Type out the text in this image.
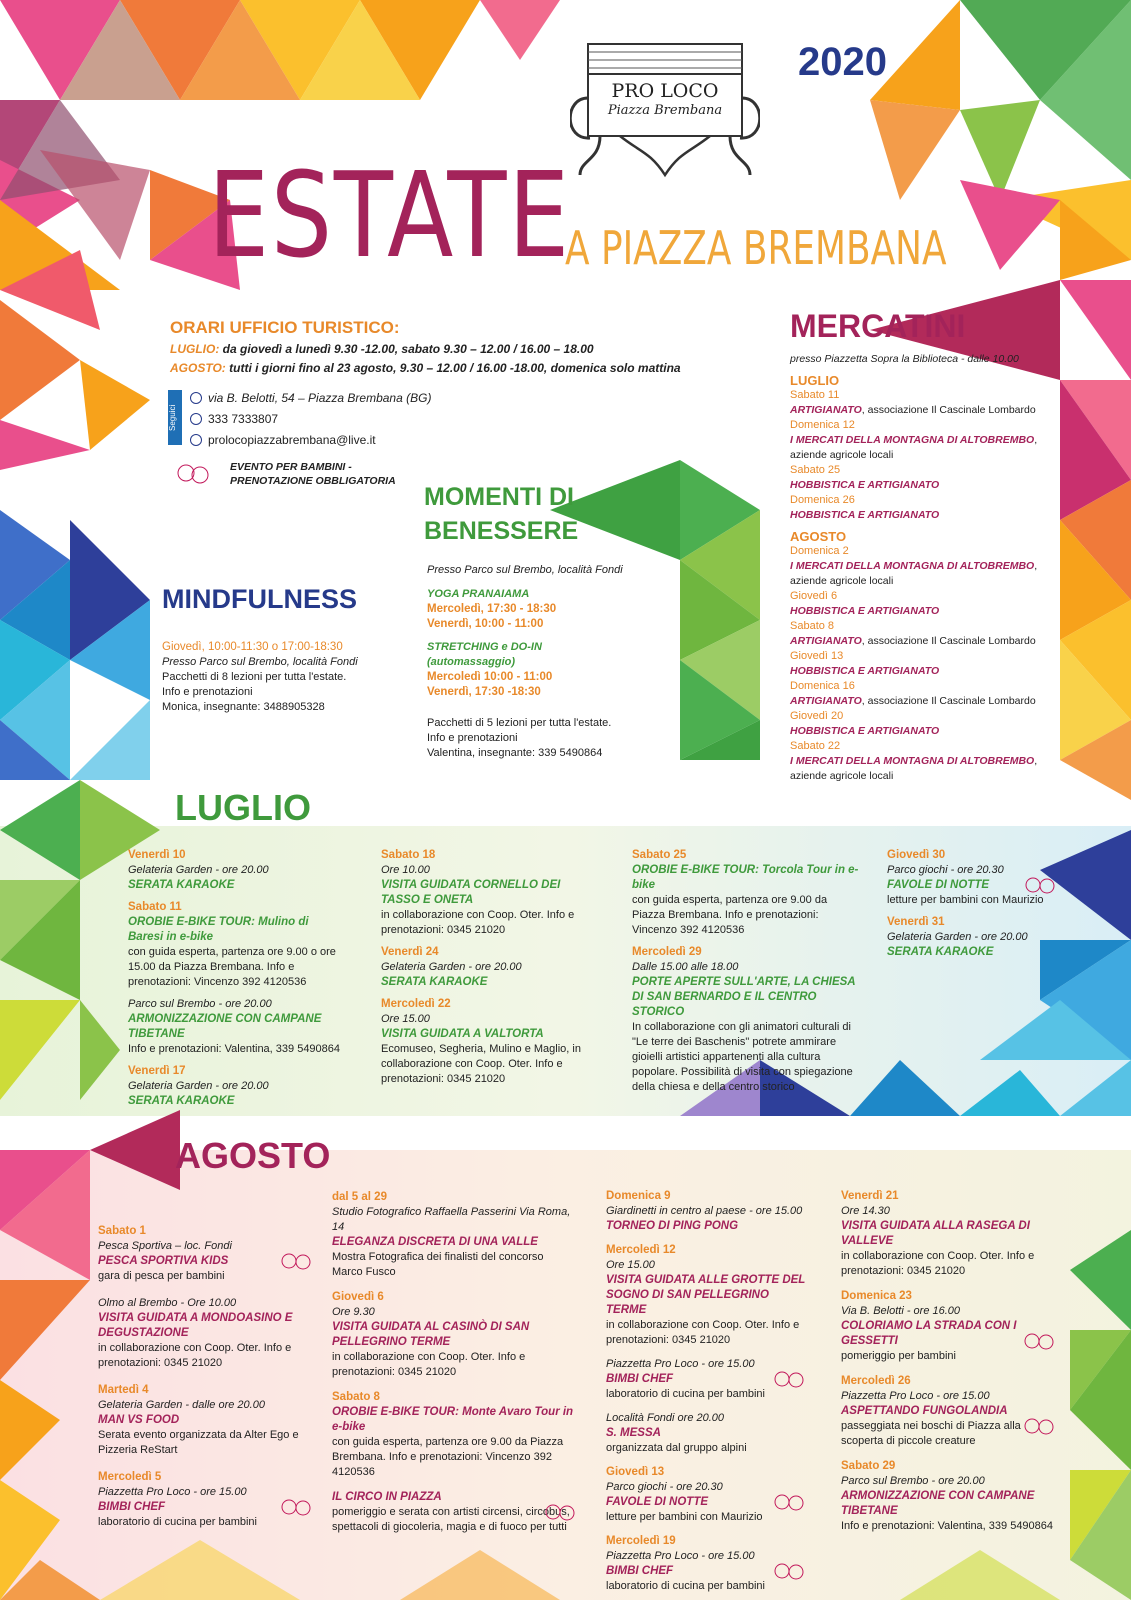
2020
PRO LOCO
Piazza Brembana
ESTATE
A PIAZZA BREMBANA
ORARI UFFICIO TURISTICO:
LUGLIO: da giovedì a lunedì 9.30 -12.00, sabato 9.30 – 12.00 / 16.00 – 18.00
AGOSTO: tutti i giorni fino al 23 agosto, 9.30 – 12.00 / 16.00 -18.00, domenica solo mattina
Seguici
via B. Belotti, 54 – Piazza Brembana (BG)
333 7333807
prolocopiazzabrembana@live.it
EVENTO PER BAMBINI -
PRENOTAZIONE OBBLIGATORIA
MINDFULNESS
Giovedì, 10:00-11:30 o 17:00-18:30
Presso Parco sul Brembo, località Fondi
Pacchetti di 8 lezioni per tutta l'estate.
Info e prenotazioni
Monica, insegnante: 3488905328
MOMENTI DI
BENESSERE
Presso Parco sul Brembo, località Fondi
YOGA PRANAIAMA
Mercoledì, 17:30 - 18:30
Venerdì, 10:00 - 11:00
STRETCHING e DO-IN
(automassaggio)
Mercoledì 10:00 - 11:00
Venerdì, 17:30 -18:30
Pacchetti di 5 lezioni per tutta l'estate.
Info e prenotazioni
Valentina, insegnante: 339 5490864
MERCATINI
presso Piazzetta Sopra la Biblioteca - dalle 10.00
LUGLIO
Sabato 11
ARTIGIANATO, associazione Il Cascinale Lombardo
Domenica 12
I MERCATI DELLA MONTAGNA DI ALTOBREMBO,
aziende agricole locali
Sabato 25
HOBBISTICA E ARTIGIANATO
Domenica 26
HOBBISTICA E ARTIGIANATO
AGOSTO
Domenica 2
I MERCATI DELLA MONTAGNA DI ALTOBREMBO,
aziende agricole locali
Giovedì 6
HOBBISTICA E ARTIGIANATO
Sabato 8
ARTIGIANATO, associazione Il Cascinale Lombardo
Giovedì 13
HOBBISTICA E ARTIGIANATO
Domenica 16
ARTIGIANATO, associazione Il Cascinale Lombardo
Giovedì 20
HOBBISTICA E ARTIGIANATO
Sabato 22
I MERCATI DELLA MONTAGNA DI ALTOBREMBO,
aziende agricole locali
LUGLIO
Venerdì 10
Gelateria Garden - ore 20.00
SERATA KARAOKE
Sabato 11
OROBIE E-BIKE TOUR: Mulino di Baresi in e-bike
con guida esperta, partenza ore 9.00 o ore 15.00 da Piazza Brembana. Info e prenotazioni: Vincenzo 392 4120536
Parco sul Brembo - ore 20.00
ARMONIZZAZIONE CON CAMPANE TIBETANE
Info e prenotazioni: Valentina, 339 5490864
Venerdì 17
Gelateria Garden - ore 20.00
SERATA KARAOKE
Sabato 18
Ore 10.00
VISITA GUIDATA CORNELLO DEI TASSO E ONETA
in collaborazione con Coop. Oter. Info e prenotazioni: 0345 21020
Venerdì 24
Gelateria Garden - ore 20.00
SERATA KARAOKE
Mercoledì 22
Ore 15.00
VISITA GUIDATA A VALTORTA
Ecomuseo, Segheria, Mulino e Maglio, in collaborazione con Coop. Oter. Info e prenotazioni: 0345 21020
Sabato 25
OROBIE E-BIKE TOUR: Torcola Tour in e-bike
con guida esperta, partenza ore 9.00 da Piazza Brembana. Info e prenotazioni: Vincenzo 392 4120536
Mercoledì 29
Dalle 15.00 alle 18.00
PORTE APERTE SULL'ARTE, LA CHIESA DI SAN BERNARDO E IL CENTRO STORICO
In collaborazione con gli animatori culturali di "Le terre dei Baschenis" potrete ammirare gioielli artistici appartenenti alla cultura popolare. Possibilità di visita con spiegazione della chiesa e della centro storico
Giovedì 30
Parco giochi - ore 20.30
FAVOLE DI NOTTE
letture per bambini con Maurizio
Venerdì 31
Gelateria Garden - ore 20.00
SERATA KARAOKE
AGOSTO
Sabato 1
Pesca Sportiva – loc. Fondi
PESCA SPORTIVA KIDS
gara di pesca per bambini
Olmo al Brembo - Ore 10.00
VISITA GUIDATA A MONDOASINO E DEGUSTAZIONE
in collaborazione con Coop. Oter. Info e prenotazioni: 0345 21020
Martedì 4
Gelateria Garden - dalle ore 20.00
MAN VS FOOD
Serata evento organizzata da Alter Ego e Pizzeria ReStart
Mercoledì 5
Piazzetta Pro Loco - ore 15.00
BIMBI CHEF
laboratorio di cucina per bambini
dal 5 al 29
Studio Fotografico Raffaella Passerini Via Roma, 14
ELEGANZA DISCRETA DI UNA VALLE
Mostra Fotografica dei finalisti del concorso Marco Fusco
Giovedì 6
Ore 9.30
VISITA GUIDATA AL CASINÒ DI SAN PELLEGRINO TERME
in collaborazione con Coop. Oter. Info e prenotazioni: 0345 21020
Sabato 8
OROBIE E-BIKE TOUR: Monte Avaro Tour in e-bike
con guida esperta, partenza ore 9.00 da Piazza Brembana. Info e prenotazioni: Vincenzo 392 4120536
IL CIRCO IN PIAZZA
pomeriggio e serata con artisti circensi, circobus, spettacoli di giocoleria, magia e di fuoco per tutti
Domenica 9
Giardinetti in centro al paese - ore 15.00
TORNEO DI PING PONG
Mercoledì 12
Ore 15.00
VISITA GUIDATA ALLE GROTTE DEL SOGNO DI SAN PELLEGRINO TERME
in collaborazione con Coop. Oter. Info e prenotazioni: 0345 21020
Piazzetta Pro Loco - ore 15.00
BIMBI CHEF
laboratorio di cucina per bambini
Località Fondi ore 20.00
S. MESSA
organizzata dal gruppo alpini
Giovedì 13
Parco giochi - ore 20.30
FAVOLE DI NOTTE
letture per bambini con Maurizio
Mercoledì 19
Piazzetta Pro Loco - ore 15.00
BIMBI CHEF
laboratorio di cucina per bambini
Venerdì 21
Ore 14.30
VISITA GUIDATA ALLA RASEGA DI VALLEVE
in collaborazione con Coop. Oter. Info e prenotazioni: 0345 21020
Domenica 23
Via B. Belotti - ore 16.00
COLORIAMO LA STRADA CON I GESSETTI
pomeriggio per bambini
Mercoledì 26
Piazzetta Pro Loco - ore 15.00
ASPETTANDO FUNGOLANDIA
passeggiata nei boschi di Piazza alla scoperta di piccole creature
Sabato 29
Parco sul Brembo - ore 20.00
ARMONIZZAZIONE CON CAMPANE TIBETANE
Info e prenotazioni: Valentina, 339 5490864
